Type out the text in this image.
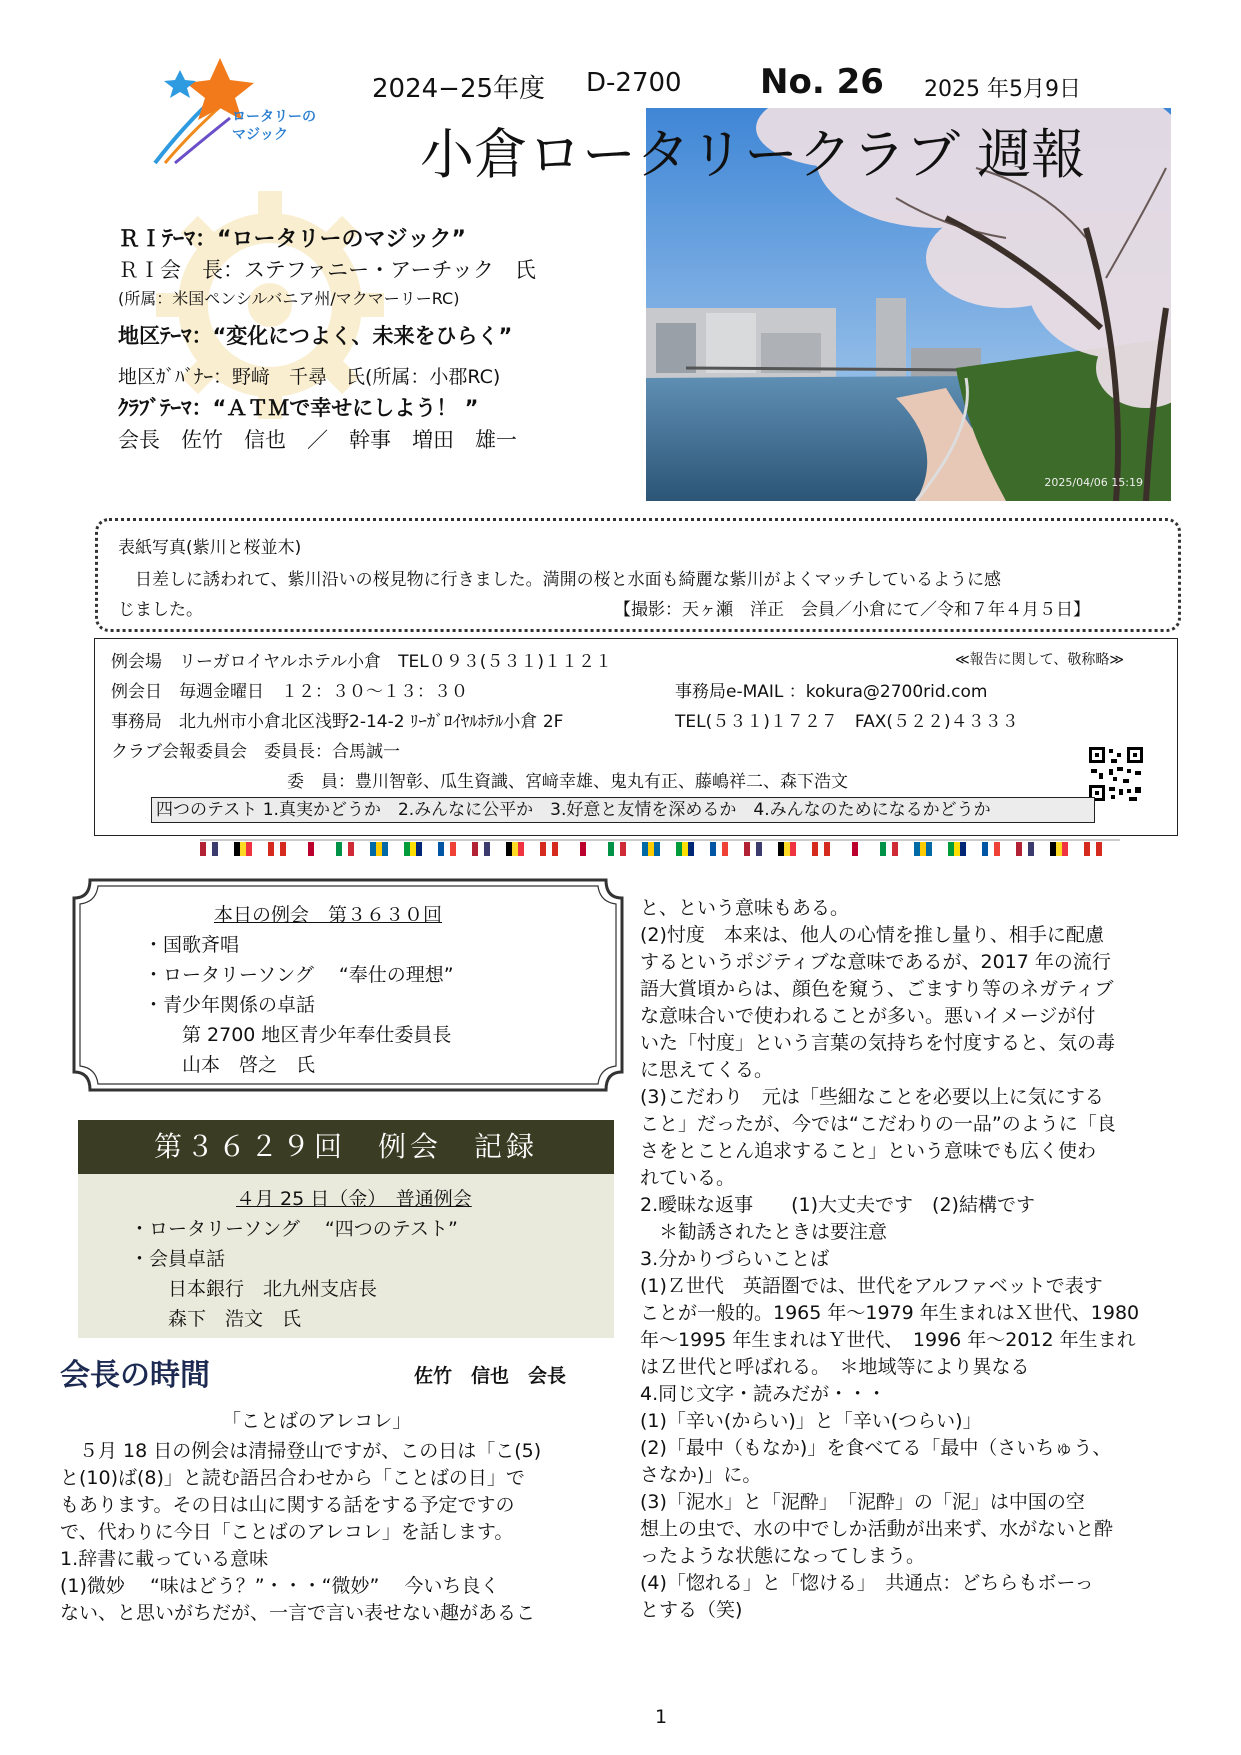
2024−25年度 D-2700 No. 26 2025 年5月9日
ロータリーの
マジック	小倉ロータリークラブ 週報
ＲＩﾃｰﾏ：“ロータリーのマジック”
ＲＩ会　長：ステファニー・アーチック　氏
(所属：米国ペンシルバニア州/マクマーリーRC)
地区ﾃｰﾏ：“変化につよく、未来をひらく”
地区ｶﾞﾊﾞﾅｰ：野﨑　千尋　氏(所属：小郡RC)
ｸﾗﾌﾞﾃｰﾏ：“ＡＴＭで幸せにしよう！ ”
会長　佐竹　信也　／　幹事　増田　雄一
2025/04/06 15:19
表紙写真(紫川と桜並木)
　日差しに誘われて、紫川沿いの桜見物に行きました。満開の桜と水面も綺麗な紫川がよくマッチしているように感
じました。	【撮影：天ヶ瀬　洋正　会員／小倉にて／令和７年４月５日】
例会場　リーガロイヤルホテル小倉　TEL０９３(５３１)１１２１	≪報告に関して、敬称略≫
例会日　毎週金曜日　１２：３０～１３：３０	事務局e-MAIL ：kokura@2700rid.com
事務局　北九州市小倉北区浅野2-14-2 ﾘｰｶﾞﾛｲﾔﾙﾎﾃﾙ小倉 2F	TEL(５３１)１７２７　FAX(５２２)４３３３
クラブ会報委員会　委員長：合馬誠一
委　員：豊川智彰、瓜生資識、宮﨑幸雄、鬼丸有正、藤嶋祥二、森下浩文
四つのテスト 1.真実かどうか　2.みんなに公平か　3.好意と友情を深めるか　4.みんなのためになるかどうか
本日の例会　第３６３０回
・国歌斉唱
・ロータリーソング　 “奉仕の理想”
・青少年関係の卓話
　　第 2700 地区青少年奉仕委員長
　　山本　啓之　氏
第３６２９回　例会　記録
４月 25 日（金）　普通例会
・ロータリーソング　 “四つのテスト”
・会員卓話
　　日本銀行　北九州支店長
　　森下　浩文　氏
会長の時間	佐竹　信也　会長
「ことばのアレコレ」
　５月 18 日の例会は清掃登山ですが、この日は「こ(5)
と(10)ば(8)」と読む語呂合わせから「ことばの日」で
もあります。その日は山に関する話をする予定ですの
で、代わりに今日「ことばのアレコレ」を話します。
1.辞書に載っている意味
(1)微妙　 “味はどう？”・・・“微妙”　 今いち良く
ない、と思いがちだが、一言で言い表せない趣があるこ
と、という意味もある。
(2)忖度　本来は、他人の心情を推し量り、相手に配慮
するというポジティブな意味であるが、2017 年の流行
語大賞頃からは、顔色を窺う、ごますり等のネガティブ
な意味合いで使われることが多い。悪いイメージが付
いた「忖度」という言葉の気持ちを忖度すると、気の毒
に思えてくる。
(3)こだわり　元は「些細なことを必要以上に気にする
こと」だったが、今では“こだわりの一品”のように「良
さをとことん追求すること」という意味でも広く使わ
れている。
2.曖昧な返事　　(1)大丈夫です　(2)結構です
　＊勧誘されたときは要注意
3.分かりづらいことば
(1)Ｚ世代　英語圏では、世代をアルファベットで表す
ことが一般的。1965 年～1979 年生まれはＸ世代、1980
年～1995 年生まれはＹ世代、　1996 年～2012 年生まれ
はＺ世代と呼ばれる。　＊地域等により異なる
4.同じ文字・読みだが・・・
(1)「辛い(からい)」と「辛い(つらい)」
(2)「最中（もなか)」を食べてる「最中（さいちゅう、
さなか)」に。
(3)「泥水」と「泥酔」　「泥酔」の「泥」は中国の空
想上の虫で、水の中でしか活動が出来ず、水がないと酔
ったような状態になってしまう。
(4)「惚れる」と「惚ける」　共通点：どちらもボーっ
とする（笑)
1
